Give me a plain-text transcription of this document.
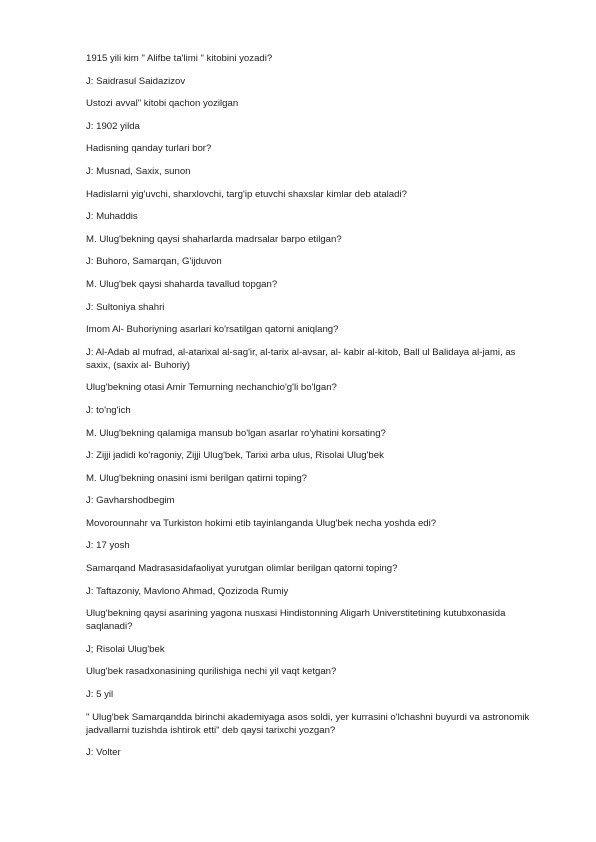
1915 yili kim " Alifbe ta'limi " kitobini yozadi?
J: Saidrasul Saidazizov
Ustozi avval" kitobi qachon yozilgan
J: 1902 yilda
Hadisning qanday turlari bor?
J: Musnad, Saxix, sunon
Hadislarni yig'uvchi, sharxlovchi, targ'ip etuvchi shaxslar kimlar deb ataladi?
J: Muhaddis
M. Ulug'bekning qaysi shaharlarda madrsalar barpo etilgan?
J: Buhoro, Samarqan, G'ijduvon
M. Ulug'bek qaysi shaharda tavallud topgan?
J: Sultoniya shahri
Imom Al- Buhoriyning asarlari ko'rsatilgan qatorni aniqlang?
J: Al-Adab al mufrad, al-atarixal al-sag'ir, al-tarix al-avsar, al- kabir al-kitob, Ball ul Balidaya al-jami, as saxix, (saxix al- Buhoriy)
Ulug'bekning otasi Amir Temurning nechanchio'g'li bo'lgan?
J: to'ng'ich
M. Ulug'bekning qalamiga mansub bo'lgan asarlar ro'yhatini korsating?
J: Zijji jadidi ko'ragoniy, Zijji Ulug'bek, Tarixi arba ulus, Risolai Ulug'bek
M. Ulug'bekning onasini ismi berilgan qatirni toping?
J: Gavharshodbegim
Movorounnahr va Turkiston hokimi etib tayinlanganda Ulug'bek necha yoshda edi?
J: 17 yosh
Samarqand Madrasasidafaoliyat yurutgan olimlar berilgan qatorni toping?
J: Taftazoniy, Mavlono Ahmad, Qozizoda Rumiy
Ulug'bekning qaysi asarining yagona nusxasi Hindistonning Aligarh Universtitetining kutubxonasida saqlanadi?
J; Risolai Ulug'bek
Ulug'bek rasadxonasining qurilishiga nechi yil vaqt ketgan?
J: 5 yil
" Ulug'bek Samarqandda birinchi akademiyaga asos soldi, yer kurrasini o'lchashni buyurdi va astronomik jadvallarni tuzishda ishtirok etti" deb qaysi tarixchi yozgan?
J: Volter
